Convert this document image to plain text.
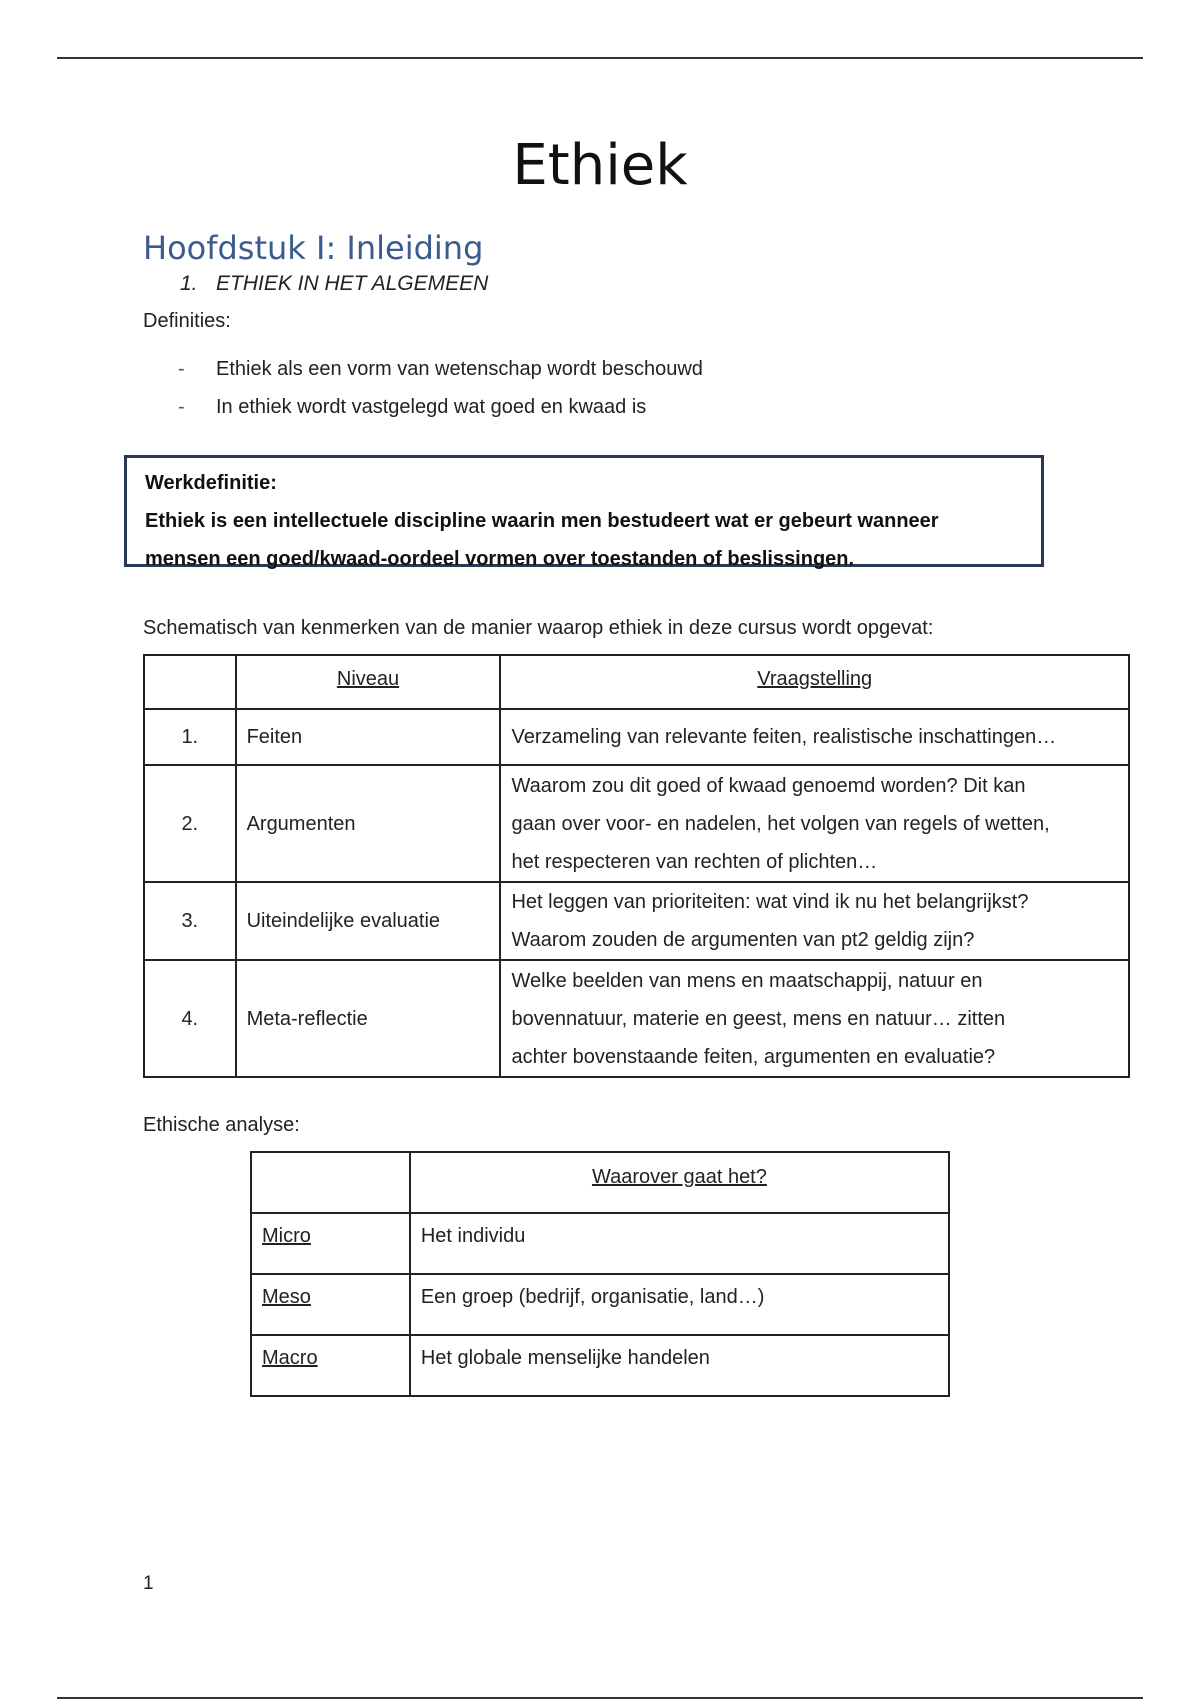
Ethiek
Hoofdstuk I: Inleiding
1. ETHIEK IN HET ALGEMEEN
Definities:
- Ethiek als een vorm van wetenschap wordt beschouwd
- In ethiek wordt vastgelegd wat goed en kwaad is
Werkdefinitie:
Ethiek is een intellectuele discipline waarin men bestudeert wat er gebeurt wanneer
mensen een goed/kwaad-oordeel vormen over toestanden of beslissingen.
Schematisch van kenmerken van de manier waarop ethiek in deze cursus wordt opgevat:
	Niveau	Vraagstelling
1.	Feiten	Verzameling van relevante feiten, realistische inschattingen…
2.	Argumenten	Waarom zou dit goed of kwaad genoemd worden? Dit kan
gaan over voor- en nadelen, het volgen van regels of wetten,
het respecteren van rechten of plichten…

3.	Uiteindelijke evaluatie	Het leggen van prioriteiten: wat vind ik nu het belangrijkst?
Waarom zouden de argumenten van pt2 geldig zijn?

4.	Meta-reflectie	Welke beelden van mens en maatschappij, natuur en
bovennatuur, materie en geest, mens en natuur… zitten
achter bovenstaande feiten, argumenten en evaluatie?
Ethische analyse:
	Waarover gaat het?
Micro	Het individu
Meso	Een groep (bedrijf, organisatie, land…)
Macro	Het globale menselijke handelen
1
